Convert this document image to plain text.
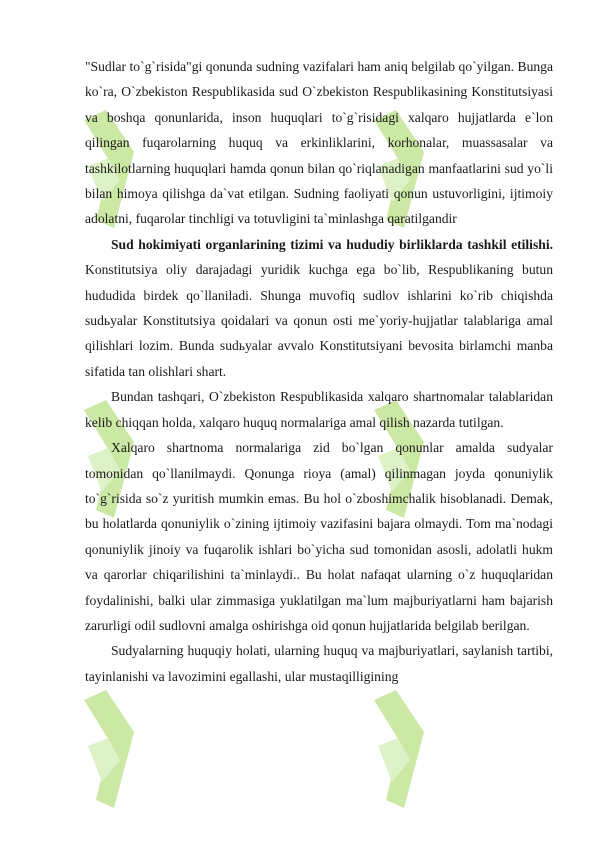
"Sudlar to`g`risida"gi qonunda sudning vazifalari ham aniq belgilab qo`yilgan. Bunga ko`ra, O`zbekiston Respublikasida sud O`zbekiston Respublikasining Konstitutsiyasi va boshqa qonunlarida, inson huquqlari to`g`risidagi xalqaro hujjatlarda e`lon qilingan fuqarolarning huquq va erkinliklarini, korhonalar, muassasalar va tashkilotlarning huquqlari hamda qonun bilan qo`riqlanadigan manfaatlarini sud yo`li bilan himoya qilishga da`vat etilgan. Sudning faoliyati qonun ustuvorligini, ijtimoiy adolatni, fuqarolar tinchligi va totuvligini ta`minlashga qaratilgandir

Sud hokimiyati organlarining tizimi va hududiy birliklarda tashkil etilishi. Konstitutsiya oliy darajadagi yuridik kuchga ega bo`lib, Respublikaning butun hududida birdek qo`llaniladi. Shunga muvofiq sudlov ishlarini ko`rib chiqishda sudьyalar Konstitutsiya qoidalari va qonun osti me`yoriy-hujjatlar talablariga amal qilishlari lozim. Bunda sudьyalar avvalo Konstitutsiyani bevosita birlamchi manba sifatida tan olishlari shart.

Bundan tashqari, O`zbekiston Respublikasida xalqaro shartnomalar talablaridan kelib chiqqan holda, xalqaro huquq normalariga amal qilish nazarda tutilgan.

Xalqaro shartnoma normalariga zid bo`lgan qonunlar amalda sudyalar tomonidan qo`llanilmaydi. Qonunga rioya (amal) qilinmagan joyda qonuniylik to`g`risida so`z yuritish mumkin emas. Bu hol o`zboshimchalik hisoblanadi. Demak, bu holatlarda qonuniylik o`zining ijtimoiy vazifasini bajara olmaydi. Tom ma`nodagi qonuniylik jinoiy va fuqarolik ishlari bo`yicha sud tomonidan asosli, adolatli hukm va qarorlar chiqarilishini ta`minlaydi.. Bu holat nafaqat ularning o`z huquqlaridan foydalinishi, balki ular zimmasiga yuklatilgan ma`lum majburiyatlarni ham bajarish zarurligi odil sudlovni amalga oshirishga oid qonun hujjatlarida belgilab berilgan.

Sudyalarning huquqiy holati, ularning huquq va majburiyatlari, saylanish tartibi, tayinlanishi va lavozimini egallashi, ular mustaqilligining
